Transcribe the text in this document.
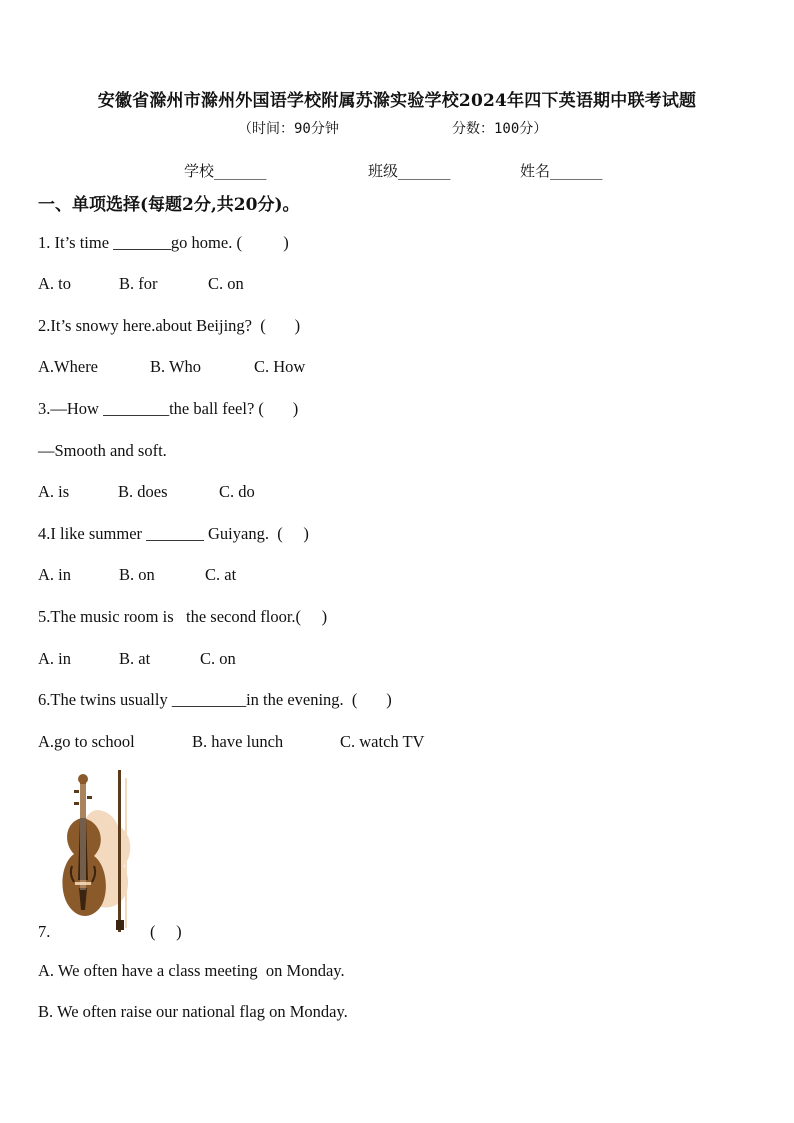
安徽省滁州市滁州外国语学校附属苏滁实验学校2024年四下英语期中联考试题
（时间：90分钟	分数：100分）
学校_______	班级_______	姓名_______
一、单项选择(每题2分,共20分)。
1. It’s time _______go home. (          )
A. to	B. for	C. on
2.It’s snowy here.about Beijing?  (       )
A.Where	B. Who	C. How
3.—How ________the ball feel? (       )
—Smooth and soft.
A. is	B. does	C. do
4.I like summer _______ Guiyang.  (     )
A. in	B. on	C. at
5.The music room is   the second floor.(     )
A. in	B. at	C. on
6.The twins usually _________in the evening.  (       )
A.go to school	B. have lunch	C. watch TV
7.	(     )
A. We often have a class meeting  on Monday.
B. We often raise our national flag on Monday.
